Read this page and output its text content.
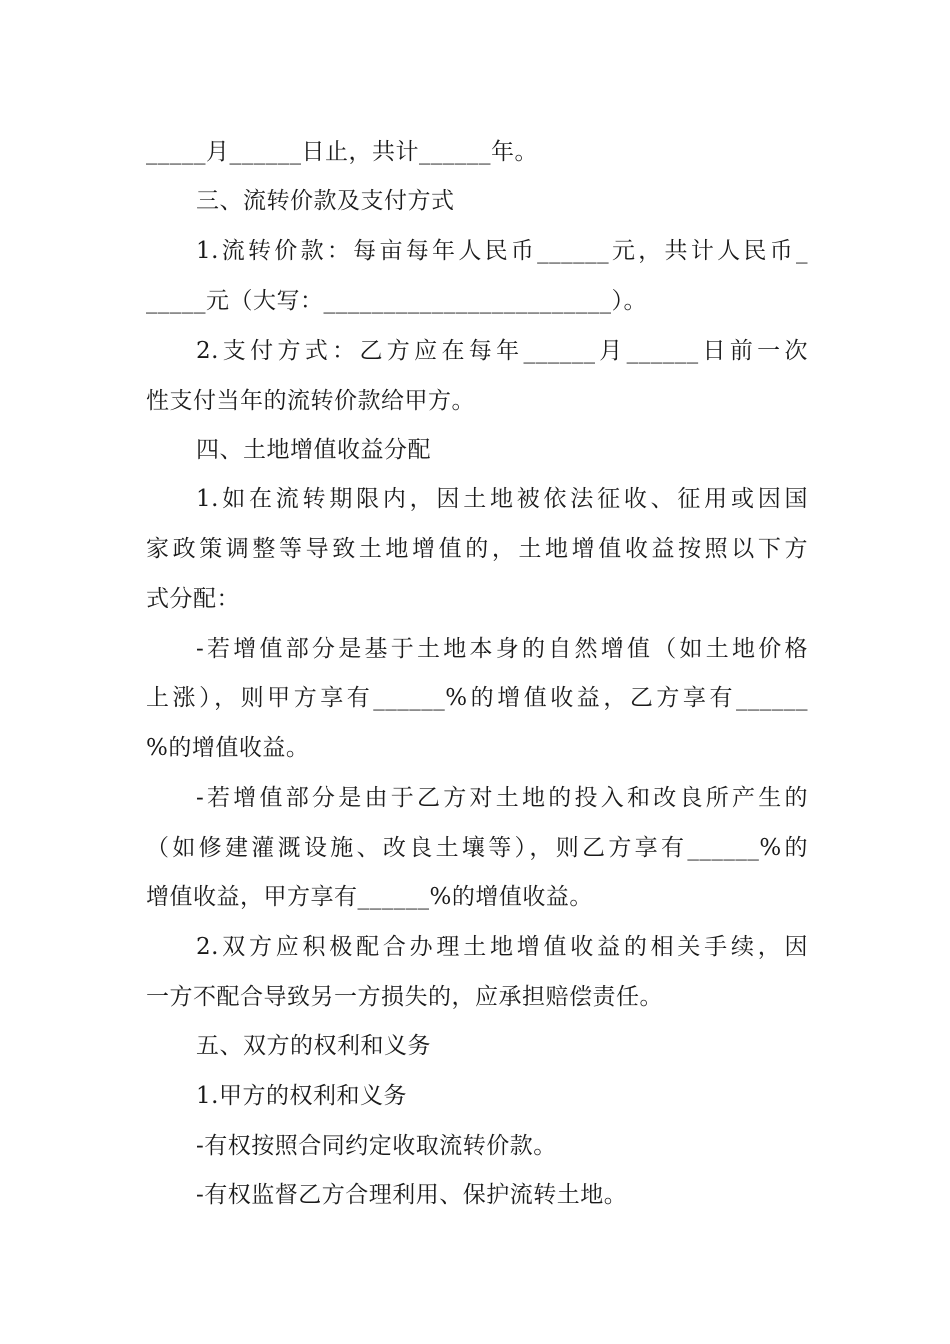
_____月______日止，共计______年。
三、流转价款及支付方式
1.流转价款：每亩每年人民币______元，共计人民币_
_____元（大写：________________________）。
2.支付方式：乙方应在每年______月______日前一次
性支付当年的流转价款给甲方。
四、土地增值收益分配
1.如在流转期限内，因土地被依法征收、征用或因国
家政策调整等导致土地增值的，土地增值收益按照以下方
式分配：
-若增值部分是基于土地本身的自然增值（如土地价格
上涨），则甲方享有______%的增值收益，乙方享有______
%的增值收益。
-若增值部分是由于乙方对土地的投入和改良所产生的
（如修建灌溉设施、改良土壤等），则乙方享有______%的
增值收益，甲方享有______%的增值收益。
2.双方应积极配合办理土地增值收益的相关手续，因
一方不配合导致另一方损失的，应承担赔偿责任。
五、双方的权利和义务
1.甲方的权利和义务
-有权按照合同约定收取流转价款。
-有权监督乙方合理利用、保护流转土地。
